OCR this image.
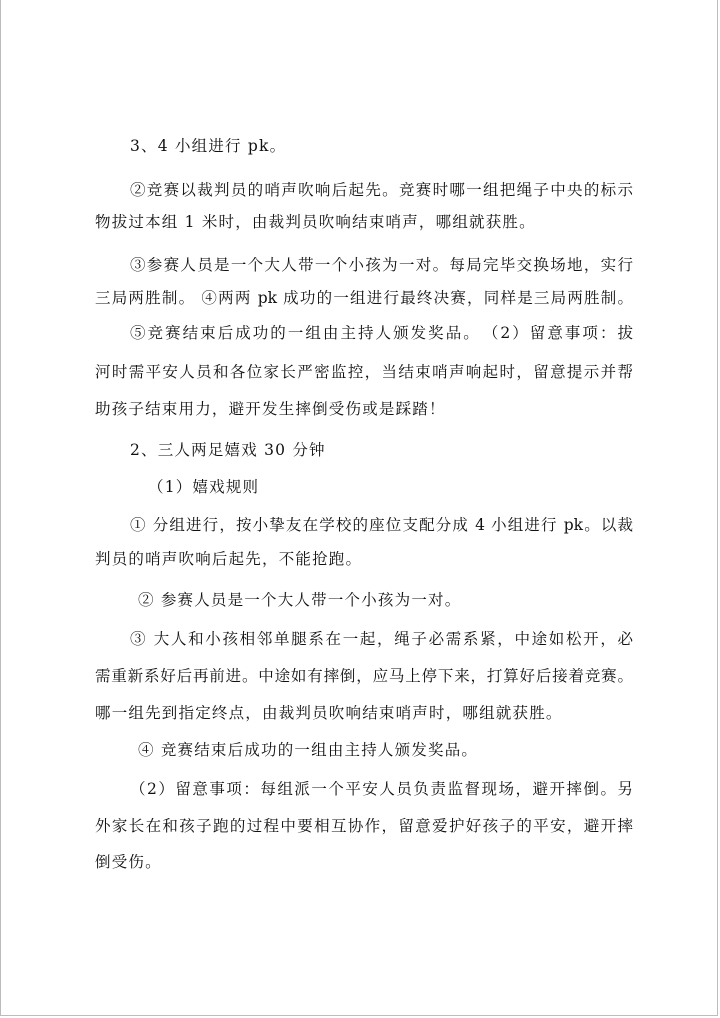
3、4 小组进行 pk。
②竞赛以裁判员的哨声吹响后起先。竞赛时哪一组把绳子中央的标示
物拔过本组 1 米时，由裁判员吹响结束哨声，哪组就获胜。
③参赛人员是一个大人带一个小孩为一对。每局完毕交换场地，实行
三局两胜制。 ④两两 pk 成功的一组进行最终决赛，同样是三局两胜制。
⑤竞赛结束后成功的一组由主持人颁发奖品。　（2）留意事项：拔
河时需平安人员和各位家长严密监控，当结束哨声响起时，留意提示并帮
助孩子结束用力，避开发生摔倒受伤或是踩踏！
2、三人两足嬉戏 30 分钟
（1）嬉戏规则
① 分组进行，按小挚友在学校的座位支配分成 4 小组进行 pk。以裁
判员的哨声吹响后起先，不能抢跑。
② 参赛人员是一个大人带一个小孩为一对。
③ 大人和小孩相邻单腿系在一起，绳子必需系紧，中途如松开，必
需重新系好后再前进。中途如有摔倒，应马上停下来，打算好后接着竞赛。
哪一组先到指定终点，由裁判员吹响结束哨声时，哪组就获胜。
④ 竞赛结束后成功的一组由主持人颁发奖品。
（2）留意事项：每组派一个平安人员负责监督现场，避开摔倒。另
外家长在和孩子跑的过程中要相互协作，留意爱护好孩子的平安，避开摔
倒受伤。
